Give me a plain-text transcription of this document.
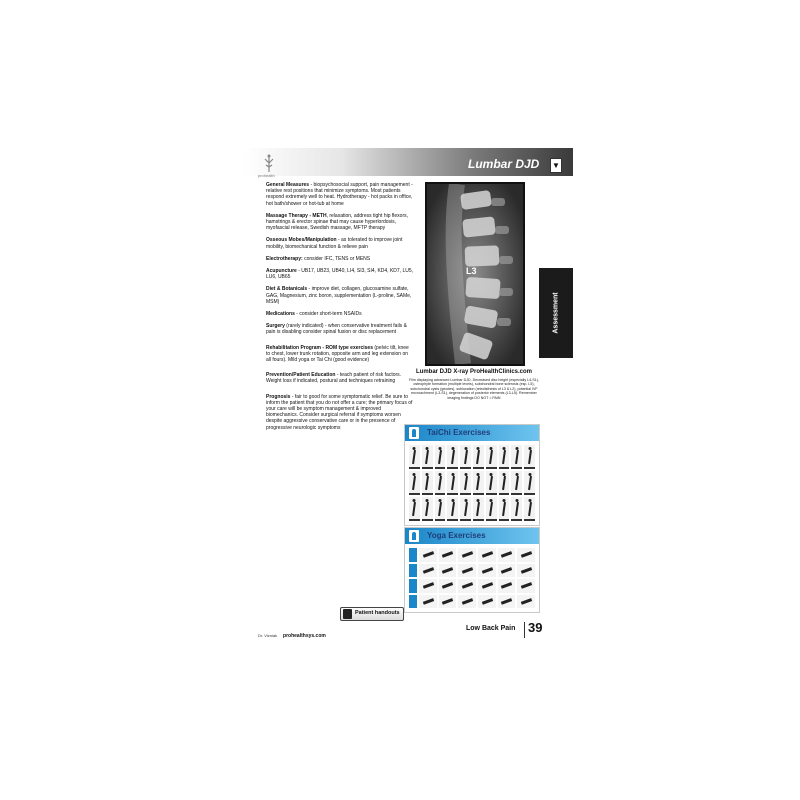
prohealth
Lumbar DJD ▼
Assessment

General Measures - biopsychosocial support, pain management - relative rest positions that minimize symptoms. Most patients respond extremely well to heat. Hydrotherapy - hot packs in office, hot bath/shower or hot-tub at home

Massage Therapy - METH, relaxation, address tight hip flexors, hamstrings & erector spinae that may cause hyperlordosis, myofascial release, Swedish massage, MFTP therapy

Osseous Mobes/Manipulation - as tolerated to improve joint mobility, biomechanical function & relieve pain

Electrotherapy: consider IFC, TENS or MENS

Acupuncture - UB17, UB23, UB40, LI4, SI3, SI4, KD4, KD7, LU5, LU6, UB65

Diet & Botanicals - improve diet, collagen, glucosamine sulfate, GAG, Magnesium, zinc boron, supplementation (L-proline, SAMe, MSM)

Medications - consider short-term NSAIDs

Surgery (rarely indicated) - when conservative treatment fails & pain is disabling consider spinal fusion or disc replacement

Rehabilitation Program - ROM type exercises (pelvic tilt, knee to chest, lower trunk rotation, opposite arm and leg extension on all fours). Mild yoga or Tai Chi (good evidence)

Prevention/Patient Education - teach patient of risk factors. Weight loss if indicated, postural and techniques retraining

Prognosis - fair to good for some symptomatic relief. Be sure to inform the patient that you do not offer a cure; the primary focus of your care will be symptom management & improved biomechanics. Consider surgical referral if symptoms worsen despite aggressive conservative care or in the presence of progressive neurologic symptoms

L3
Lumbar DJD X-ray ProHealthClinics.com
Film displaying advanced Lumbar DJD. Decreased disc height (especially L4-S1), osteophyte formation (multiple levels), subchondral bone sclerosis (esp. L5), subchondral cysts (geodes), subluxation (retrolisthesis of L3 & L2), potential IVF encroachment (L3-S1), degeneration of posterior elements (L3-L5). Remember imaging findings DO NOT = PAIN
TaiChi Exercises
Yoga Exercises
Patient handouts
Dr. Vizniak prohealthsys.com
Low Back Pain 39
